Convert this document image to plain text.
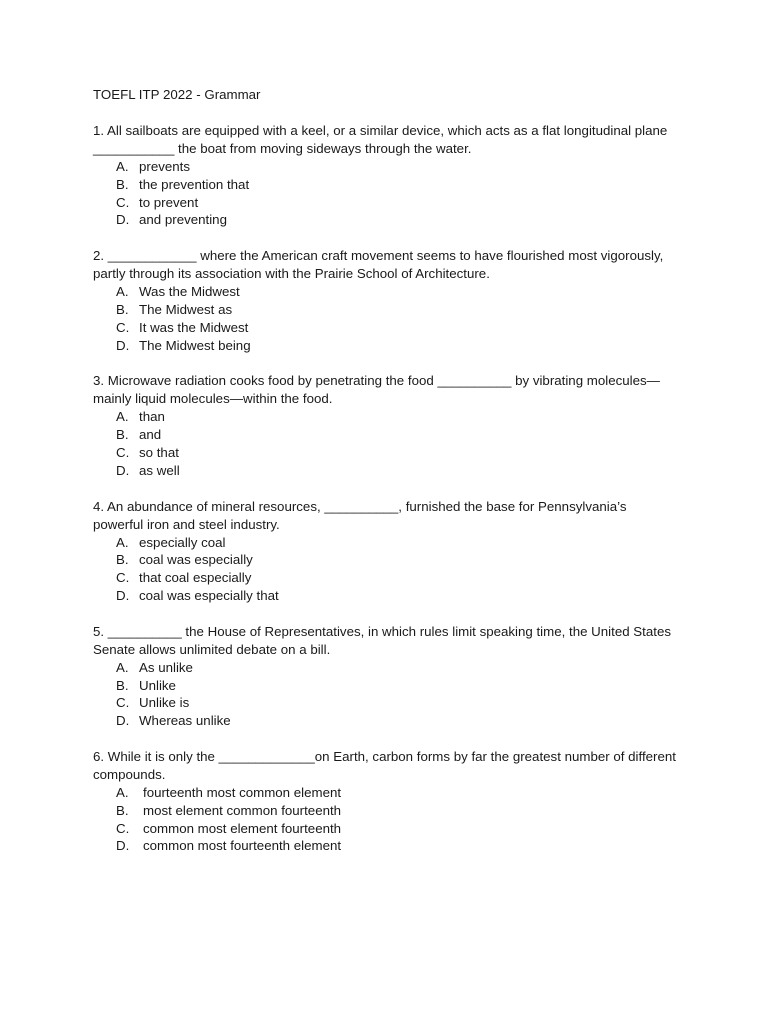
TOEFL ITP 2022 - Grammar

1. All sailboats are equipped with a keel, or a similar device, which acts as a flat longitudinal plane ___________ the boat from moving sideways through the water.
A. prevents
B. the prevention that
C. to prevent
D. and preventing
2. ____________ where the American craft movement seems to have flourished most vigorously, partly through its association with the Prairie School of Architecture.
A. Was the Midwest
B. The Midwest as
C. It was the Midwest
D. The Midwest being
3. Microwave radiation cooks food by penetrating the food __________ by vibrating molecules—mainly liquid molecules—within the food.
A. than
B. and
C. so that
D. as well
4. An abundance of mineral resources, __________, furnished the base for Pennsylvania’s powerful iron and steel industry.
A. especially coal
B. coal was especially
C. that coal especially
D. coal was especially that
5. __________ the House of Representatives, in which rules limit speaking time, the United States Senate allows unlimited debate on a bill.
A. As unlike
B. Unlike
C. Unlike is
D. Whereas unlike
6. While it is only the _____________on Earth, carbon forms by far the greatest number of different compounds.
A. fourteenth most common element
B. most element common fourteenth
C. common most element fourteenth
D. common most fourteenth element
